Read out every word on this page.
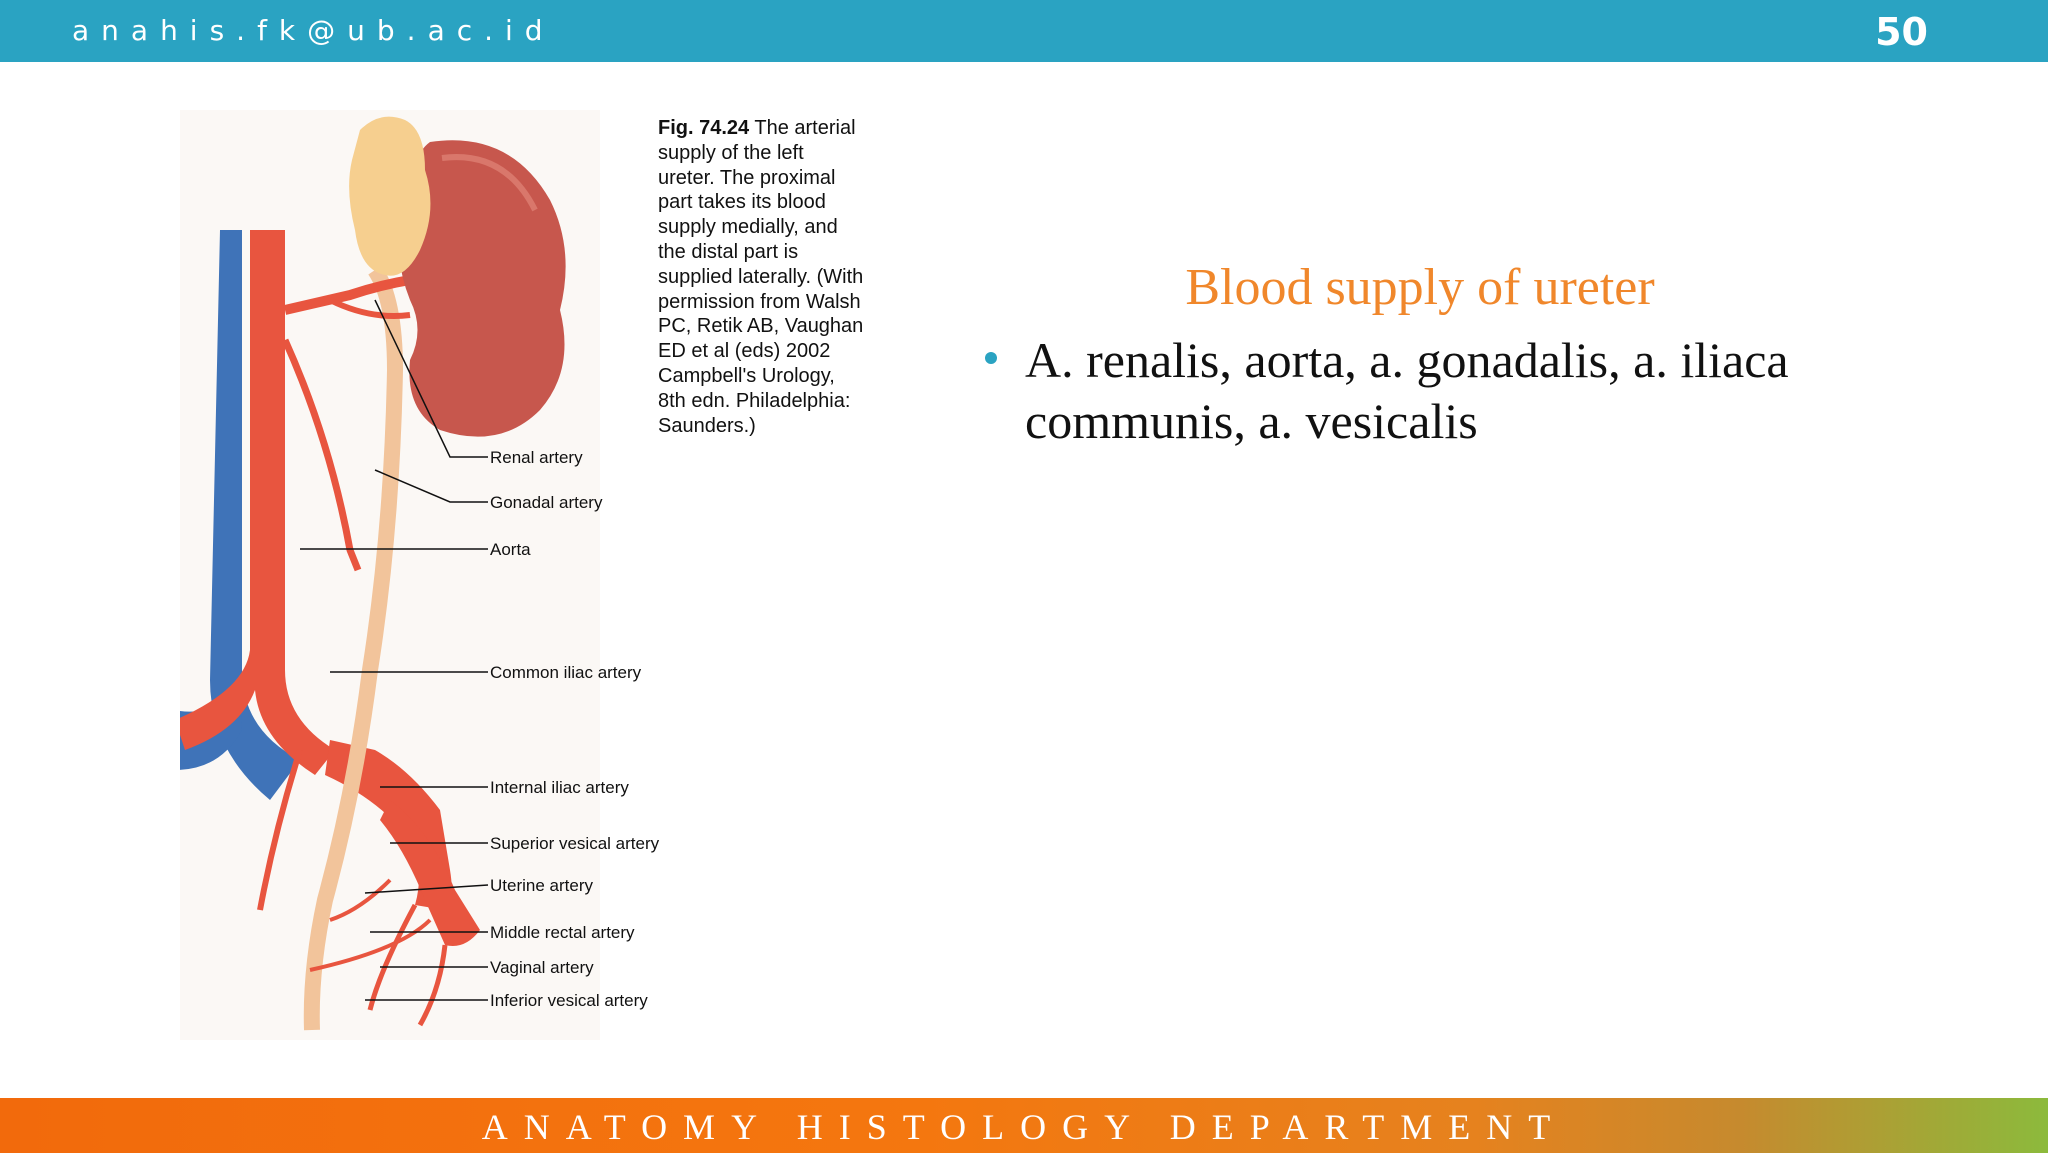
anahis.fk@ub.ac.id	50
Renal artery
Gonadal artery
Aorta
Common iliac artery
Internal iliac artery
Superior vesical artery
Uterine artery
Middle rectal artery
Vaginal artery
Inferior vesical artery
Fig. 74.24 The arterial
supply of the left
ureter. The proximal
part takes its blood
supply medially, and
the distal part is
supplied laterally. (With
permission from Walsh
PC, Retik AB, Vaughan
ED et al (eds) 2002
Campbell's Urology,
8th edn. Philadelphia:
Saunders.)
Blood supply of ureter
A. renalis, aorta, a. gonadalis, a. iliaca communis, a. vesicalis
ANATOMY HISTOLOGY DEPARTMENT
